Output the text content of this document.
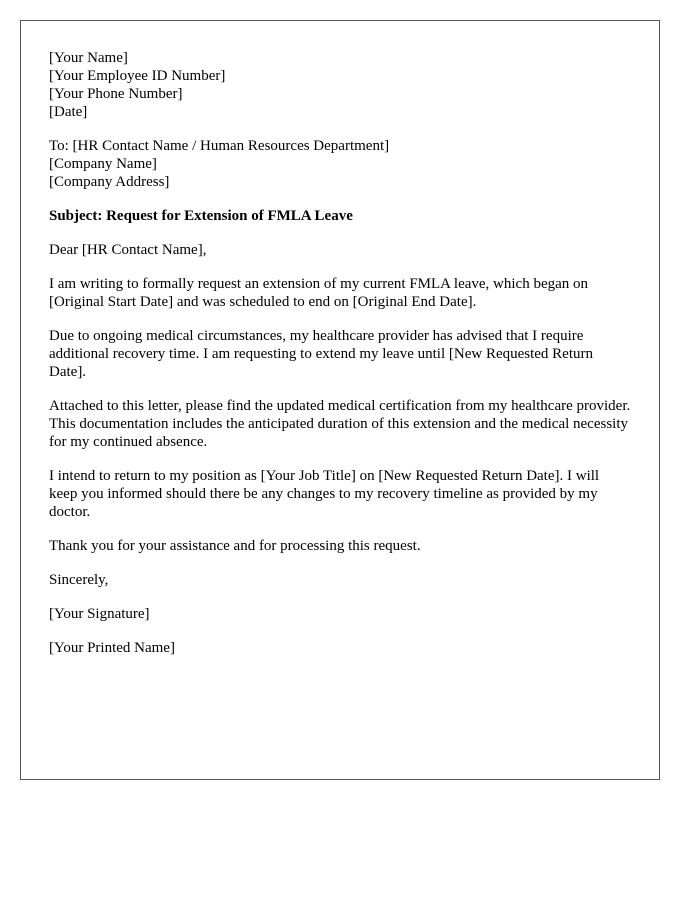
[Your Name]
[Your Employee ID Number]
[Your Phone Number]
[Date]
To: [HR Contact Name / Human Resources Department]
[Company Name]
[Company Address]
Subject: Request for Extension of FMLA Leave

Dear [HR Contact Name],

I am writing to formally request an extension of my current FMLA leave, which began on [Original Start Date] and was scheduled to end on [Original End Date].

Due to ongoing medical circumstances, my healthcare provider has advised that I require additional recovery time. I am requesting to extend my leave until [New Requested Return Date].

Attached to this letter, please find the updated medical certification from my healthcare provider. This documentation includes the anticipated duration of this extension and the medical necessity for my continued absence.

I intend to return to my position as [Your Job Title] on [New Requested Return Date]. I will keep you informed should there be any changes to my recovery timeline as provided by my doctor.

Thank you for your assistance and for processing this request.

Sincerely,

[Your Signature]

[Your Printed Name]
